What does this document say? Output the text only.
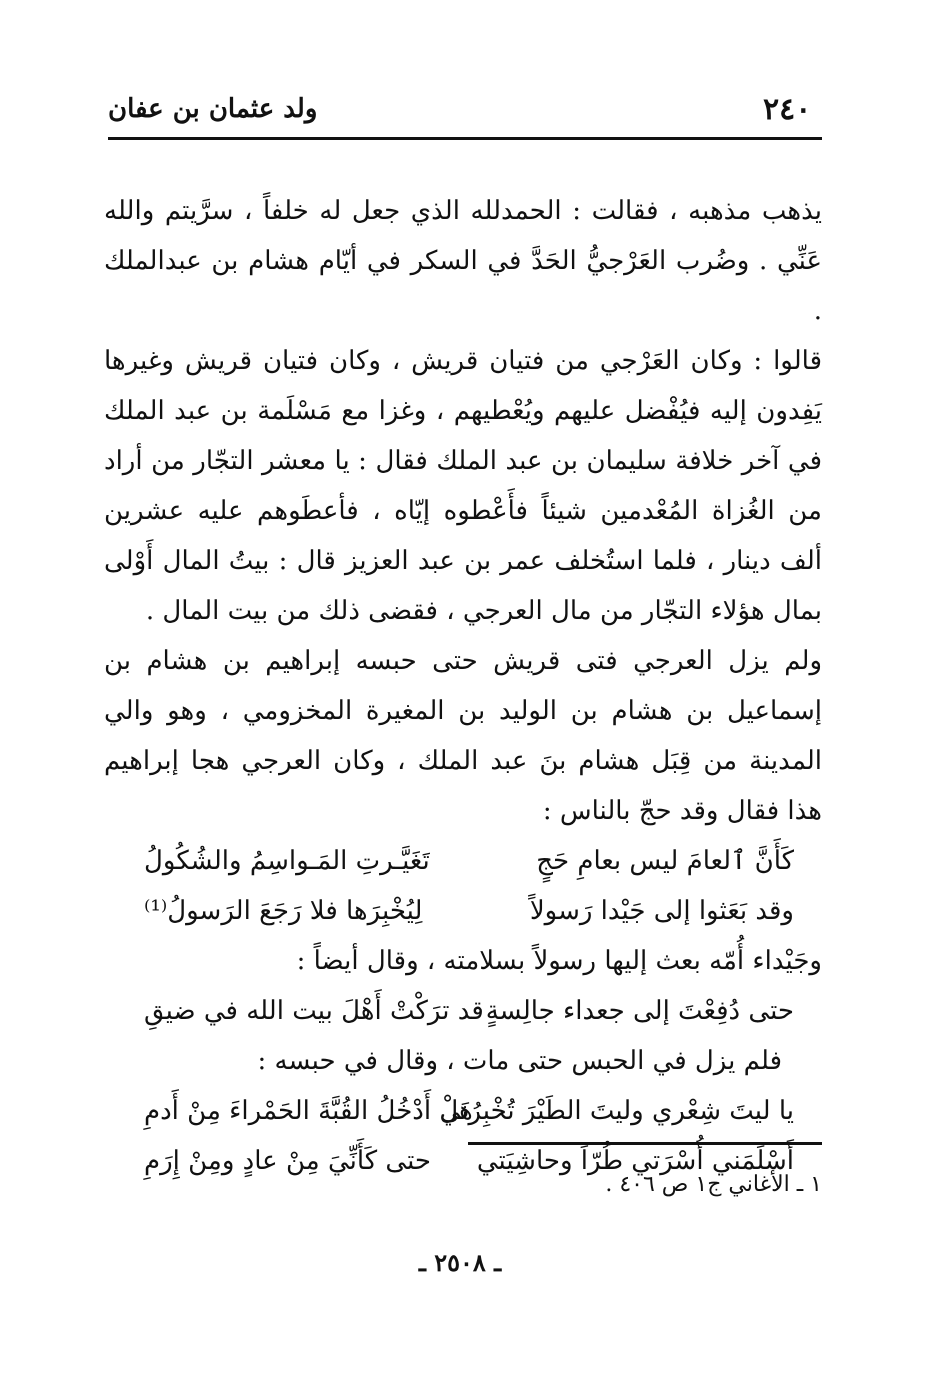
٢٤٠
ولد عثمان بن عفان

يذهب مذهبه ، فقالت : الحمدلله الذي جعل له خلفاً ، سرَّيتم والله عَنِّي . وضُرب العَرْجيُّ الحَدَّ في السكر في أيّام هشام بن عبدالملك .

قالوا : وكان العَرْجي من فتيان قريش ، وكان فتيان قريش وغيرها يَفِدون إليه فيُفْضل عليهم ويُعْطيهم ، وغزا مع مَسْلَمة بن عبد الملك في آخر خلافة سليمان بن عبد الملك فقال : يا معشر التجّار من أراد من الغُزاة المُعْدمين شيئاً فأَعْطوه إيّاه ، فأعطَوهم عليه عشرين ألف دينار ، فلما استُخلف عمر بن عبد العزيز قال : بيتُ المال أَوْلى بمال هؤلاء التجّار من مال العرجي ، فقضى ذلك من بيت المال .

ولم يزل العرجي فتى قريش حتى حبسه إبراهيم بن هشام بن إسماعيل بن هشام بن الوليد بن المغيرة المخزومي ، وهو والي المدينة من قِبَل هشام بنَ عبد الملك ، وكان العرجي هجا إبراهيم هذا فقال وقد حجّ بالناس :

كَأَنَّ ٱلعامَ ليس بعامِ حَجٍ
تَغَيَّـرتِ المَـواسِمُ والشُكُولُ
وقد بَعَثوا إلى جَيْدا رَسولاً
لِيُخْبِرَها فلا رَجَعَ الرَسولُ⁽¹⁾

وجَيْداء أُمّه بعث إليها رسولاً بسلامته ، وقال أيضاً :

حتى دُفِعْتَ إلى جعداء جالِسةٍ
قد ترَكْتْ أَهْلَ بيت الله في ضيقِ

فلم يزل في الحبس حتى مات ، وقال في حبسه :

يا ليتَ شِعْري وليتَ الطَيْرَ تُخْبِرُني
هَلْ أَدْخُلُ القُبَّةَ الحَمْراءَ مِنْ أَدمِ
أَسْلَمَني أُسْرَتي طُرّاً وحاشِيَتي
حتى كَأَنِّيَ مِنْ عادٍ ومِنْ إِرَمِ
١ ـ الأغاني ج١ ص ٤٠٦ .
ـ ٢٥٠٨ ـ
